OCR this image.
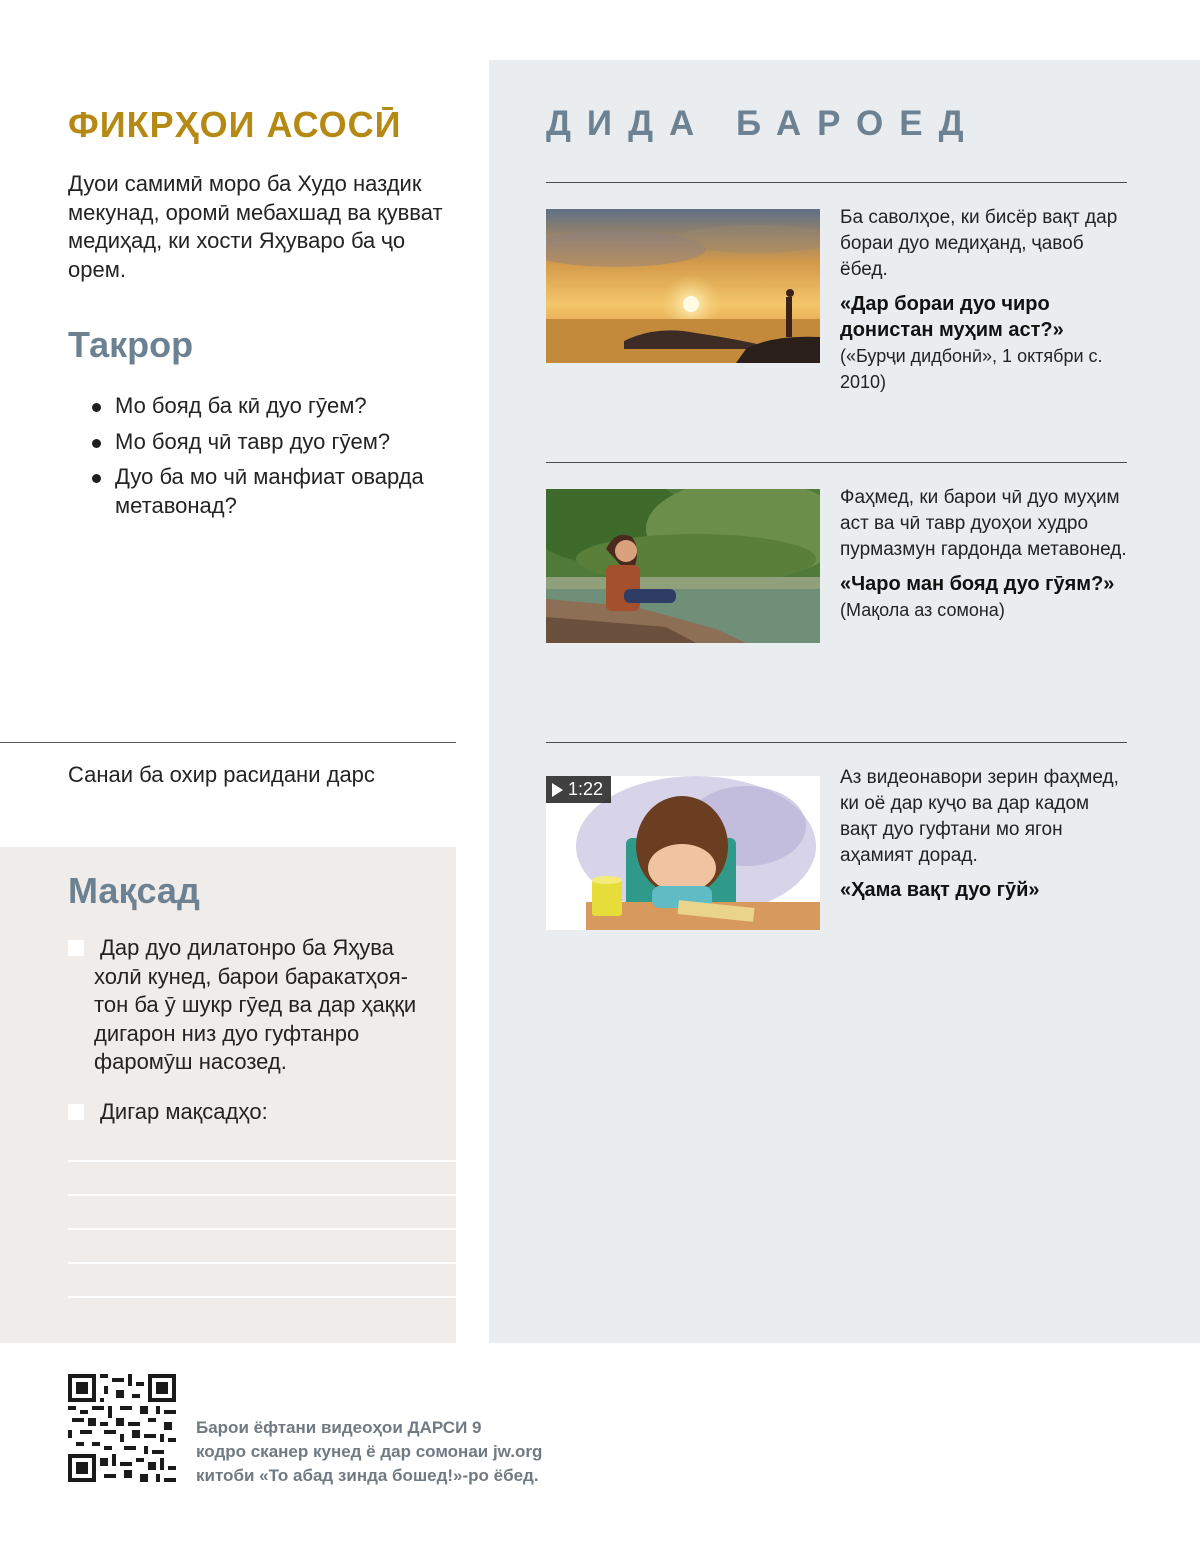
ФИКРҲОИ АСОСӢ

Дуои самимӣ моро ба Худо наздик мекунад, оромӣ мебахшад ва қувват медиҳад, ки хости Яҳуваро ба ҷо орем.

Такрор
Мо бояд ба кӣ дуо гӯем?
Мо бояд чӣ тавр дуо гӯем?
Дуо ба мо чӣ манфиат оварда метавонад?
Санаи ба охир расидани дарс
Мақсад
Дар дуо дилатонро ба Яҳува холӣ кунед, барои баракатҳоятон ба ӯ шукр гӯед ва дар ҳаққи дигарон низ дуо гуфтанро фаромӯш насозед.
Дигар мақсадҳо:
ДИДА БАРОЕД
Ба саволҳое, ки бисёр вақт дар бораи дуо медиҳанд, ҷавоб ёбед.
«Дар бораи дуо чиро донистан муҳим аст?»
(«Бурҷи дидбонӣ», 1 октябри с. 2010)
Фаҳмед, ки барои чӣ дуо муҳим аст ва чӣ тавр дуоҳои худро пурмазмун гардонда метавонед.
«Чаро ман бояд дуо гӯям?»
(Мақола аз сомона)
1:22
Аз видеонавори зерин фаҳмед, ки оё дар куҷо ва дар кадом вақт дуо гуфтани мо ягон аҳамият дорад.
«Ҳама вақт дуо гӯй»
Барои ёфтани видеоҳои ДАРСИ 9
кодро сканер кунед ё дар сомонаи jw.org
китоби «То абад зинда бошед!»-ро ёбед.
